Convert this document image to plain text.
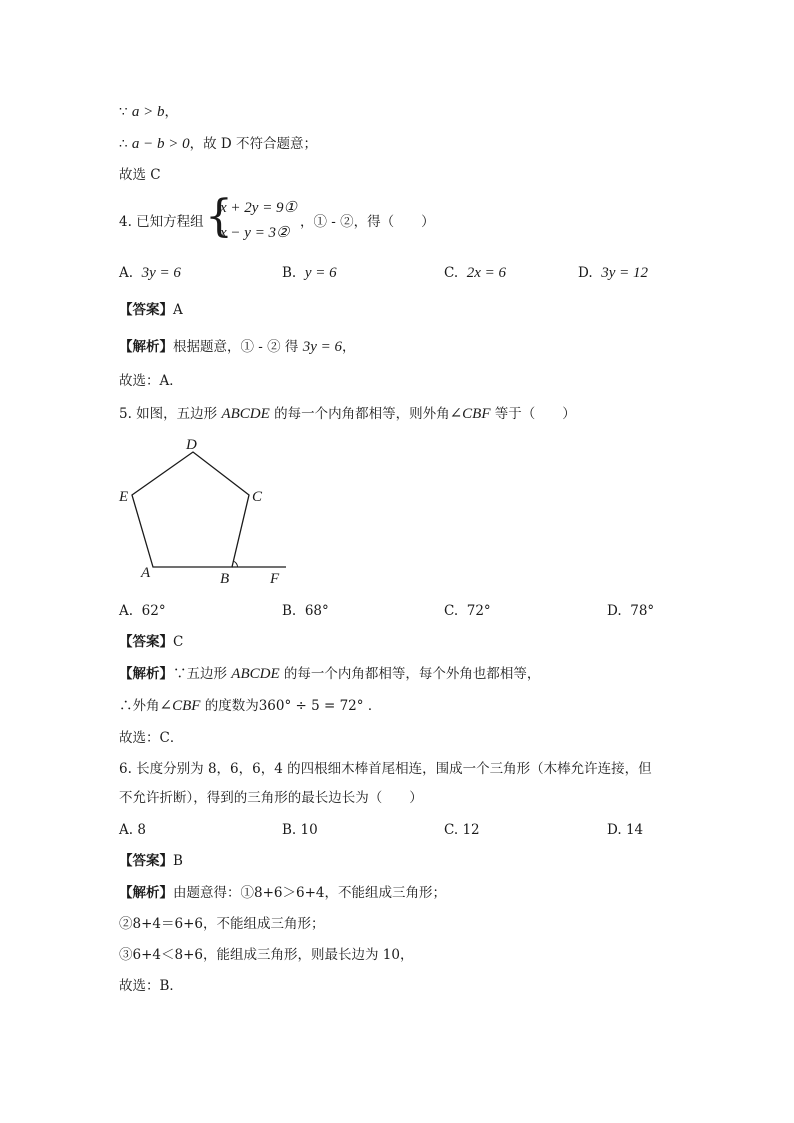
∵ a > b，
∴ a − b > 0，故 D 不符合题意；
故选 C
4. 已知方程组 {
x + 2y = 9①
x − y = 3②
，① - ②，得（　　）
A. 3y = 6	B. y = 6	C. 2x = 6	D. 3y = 12
【答案】A
【解析】根据题意，① - ② 得 3y = 6，
故选：A．
5. 如图，五边形 ABCDE 的每一个内角都相等，则外角∠CBF 等于（　　）
D
C
E
A	B	F
A. 62°	B. 68°	C. 72°	D. 78°
【答案】C
【解析】∵五边形 ABCDE 的每一个内角都相等，每个外角也都相等，
∴外角∠CBF 的度数为360° ÷ 5 = 72° ．
故选：C．
6. 长度分别为 8，6，6，4 的四根细木棒首尾相连，围成一个三角形（木棒允许连接，但
不允许折断），得到的三角形的最长边长为（　　）
A. 8	B. 10	C. 12	D. 14
【答案】B
【解析】由题意得：①8+6＞6+4，不能组成三角形；
②8+4＝6+6，不能组成三角形；
③6+4＜8+6，能组成三角形，则最长边为 10，
故选：B．
